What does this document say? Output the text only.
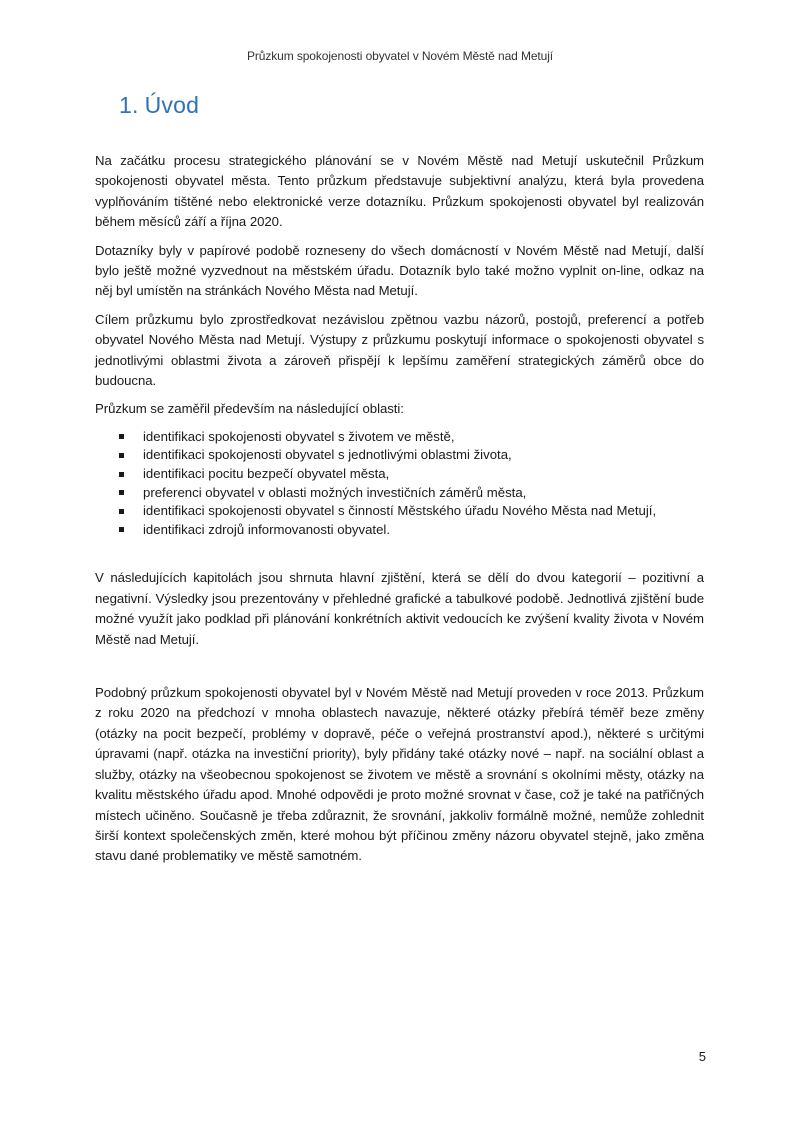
Průzkum spokojenosti obyvatel v Novém Městě nad Metují
1. Úvod

Na začátku procesu strategického plánování se v Novém Městě nad Metují uskutečnil Průzkum spokojenosti obyvatel města. Tento průzkum představuje subjektivní analýzu, která byla provedena vyplňováním tištěné nebo elektronické verze dotazníku. Průzkum spokojenosti obyvatel byl realizován během měsíců září a října 2020.

Dotazníky byly v papírové podobě rozneseny do všech domácností v Novém Městě nad Metují, další bylo ještě možné vyzvednout na městském úřadu. Dotazník bylo také možno vyplnit on-line, odkaz na něj byl umístěn na stránkách Nového Města nad Metují.

Cílem průzkumu bylo zprostředkovat nezávislou zpětnou vazbu názorů, postojů, preferencí a potřeb obyvatel Nového Města nad Metují. Výstupy z průzkumu poskytují informace o spokojenosti obyvatel s jednotlivými oblastmi života a zároveň přispějí k lepšímu zaměření strategických záměrů obce do budoucna.

Průzkum se zaměřil především na následující oblasti:

identifikaci spokojenosti obyvatel s životem ve městě,
identifikaci spokojenosti obyvatel s jednotlivými oblastmi života,
identifikaci pocitu bezpečí obyvatel města,
preferenci obyvatel v oblasti možných investičních záměrů města,
identifikaci spokojenosti obyvatel s činností Městského úřadu Nového Města nad Metují,
identifikaci zdrojů informovanosti obyvatel.

V následujících kapitolách jsou shrnuta hlavní zjištění, která se dělí do dvou kategorií – pozitivní a negativní. Výsledky jsou prezentovány v přehledné grafické a tabulkové podobě. Jednotlivá zjištění bude možné využít jako podklad při plánování konkrétních aktivit vedoucích ke zvýšení kvality života v Novém Městě nad Metují.

Podobný průzkum spokojenosti obyvatel byl v Novém Městě nad Metují proveden v roce 2013. Průzkum z roku 2020 na předchozí v mnoha oblastech navazuje, některé otázky přebírá téměř beze změny (otázky na pocit bezpečí, problémy v dopravě, péče o veřejná prostranství apod.), některé s určitými úpravami (např. otázka na investiční priority), byly přidány také otázky nové – např. na sociální oblast a služby, otázky na všeobecnou spokojenost se životem ve městě a srovnání s okolními městy, otázky na kvalitu městského úřadu apod. Mnohé odpovědi je proto možné srovnat v čase, což je také na patřičných místech učiněno. Současně je třeba zdůraznit, že srovnání, jakkoliv formálně možné, nemůže zohlednit širší kontext společenských změn, které mohou být příčinou změny názoru obyvatel stejně, jako změna stavu dané problematiky ve městě samotném.

5
